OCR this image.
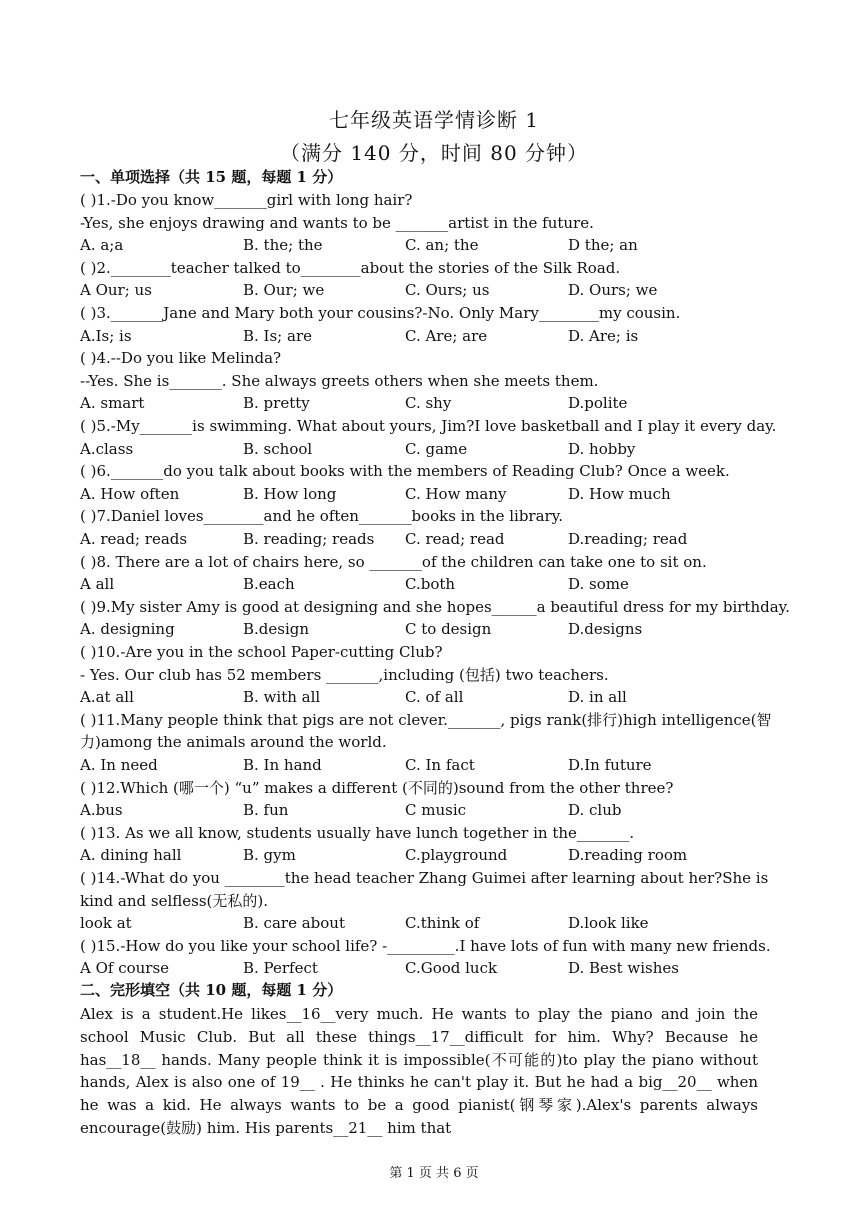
七年级英语学情诊断 1
（满分 140 分，时间 80 分钟）
一、单项选择（共 15 题，每题 1 分）
( )1.-Do you know_______girl with long hair?
-Yes, she enjoys drawing and wants to be _______artist in the future.
A. a;a	B. the; the	C. an; the	D the; an
( )2.________teacher talked to________about the stories of the Silk Road.
A Our; us	B. Our; we	C. Ours; us	D. Ours; we
( )3._______Jane and Mary both your cousins?-No. Only Mary________my cousin.
A.Is; is	B. Is; are	C. Are; are	D. Are; is
( )4.--Do you like Melinda?
--Yes. She is_______. She always greets others when she meets them.
A. smart	B. pretty	C. shy	D.polite
( )5.-My_______is swimming. What about yours, Jim?I love basketball and I play it every day.
A.class	B. school	C. game	D. hobby
( )6._______do you talk about books with the members of Reading Club? Once a week.
A. How often	B. How long	C. How many	D. How much
( )7.Daniel loves________and he often_______books in the library.
A. read; reads	B. reading; reads C. read; read	D.reading; read
( )8. There are a lot of chairs here, so _______of the children can take one to sit on.
A all	B.each	C.both	D. some
( )9.My sister Amy is good at designing and she hopes______a beautiful dress for my birthday.
A. designing	B.design	C to design	D.designs
( )10.-Are you in the school Paper-cutting Club?
- Yes. Our club has 52 members _______,including (包括) two teachers.
A.at all	B. with all	C. of all	D. in all
( )11.Many people think that pigs are not clever._______, pigs rank(排行)high intelligence(智
力)among the animals around the world.
A. In need	B. In hand	C. In fact	D.In future
( )12.Which (哪一个) “u” makes a different (不同的)sound from the other three?
A.bus	B. fun	C music	D. club
( )13. As we all know, students usually have lunch together in the_______.
A. dining hall	B. gym	C.playground	D.reading room
( )14.-What do you ________the head teacher Zhang Guimei after learning about her?She is
kind and selfless(无私的).
look at	B. care about	C.think of	D.look like
( )15.-How do you like your school life? -_________.I have lots of fun with many new friends.
A Of course	B. Perfect	C.Good luck	D. Best wishes
二、完形填空（共 10 题，每题 1 分）
Alex is a student.He likes__16__very much. He wants to play the piano and join the school Music Club. But all these things__17__difficult for him. Why? Because he has__18__ hands. Many people think it is impossible(不可能的)to play the piano without hands, Alex is also one of 19__ . He thinks he can't play it. But he had a big__20__ when he was a kid. He always wants to be a good pianist(钢琴家).Alex's parents always encourage(鼓励) him. His parents__21__ him that
第 1 页 共 6 页
